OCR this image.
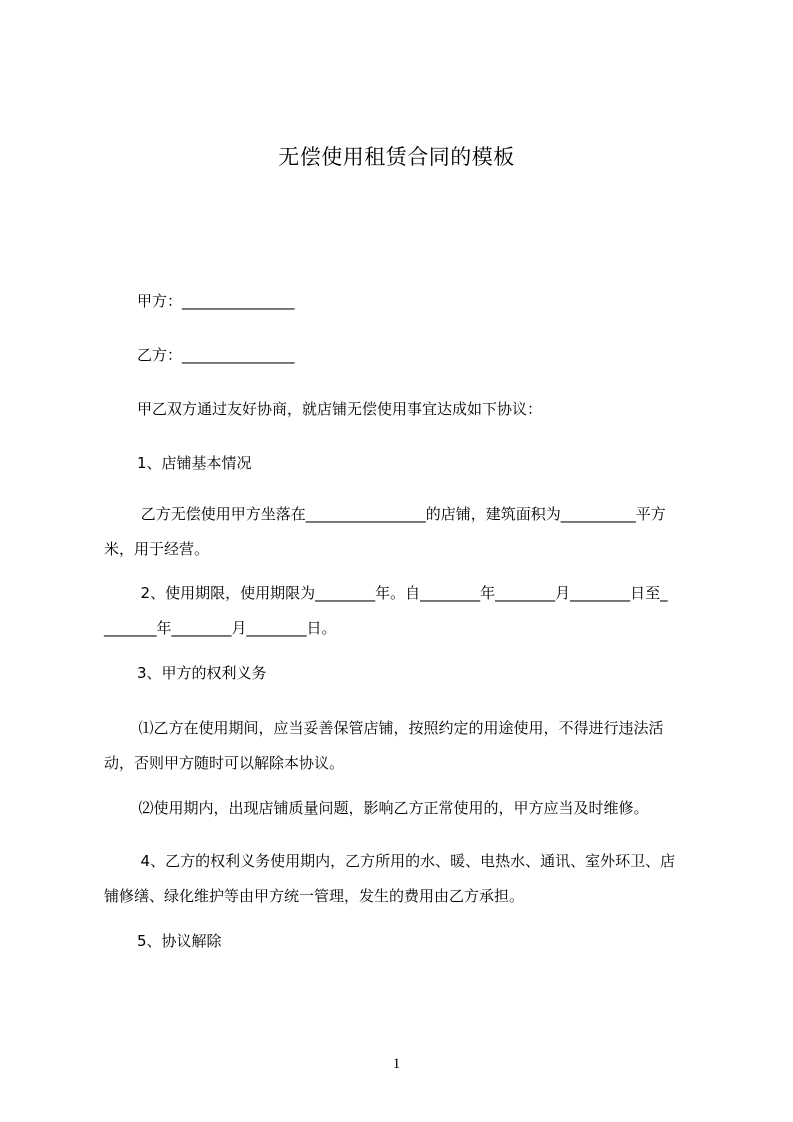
无偿使用租赁合同的模板
甲方：_______________
乙方：_______________
甲乙双方通过友好协商，就店铺无偿使用事宜达成如下协议：
1、店铺基本情况
乙方无偿使用甲方坐落在________________的店铺，建筑面积为__________平方
米，用于经营。
2、使用期限，使用期限为________年。自________年________月________日至_
_______年________月________日。
3、甲方的权利义务
⑴乙方在使用期间，应当妥善保管店铺，按照约定的用途使用，不得进行违法活
动，否则甲方随时可以解除本协议。
⑵使用期内，出现店铺质量问题，影响乙方正常使用的，甲方应当及时维修。
4、乙方的权利义务使用期内，乙方所用的水、暖、电热水、通讯、室外环卫、店
铺修缮、绿化维护等由甲方统一管理，发生的费用由乙方承担。
5、协议解除
1
